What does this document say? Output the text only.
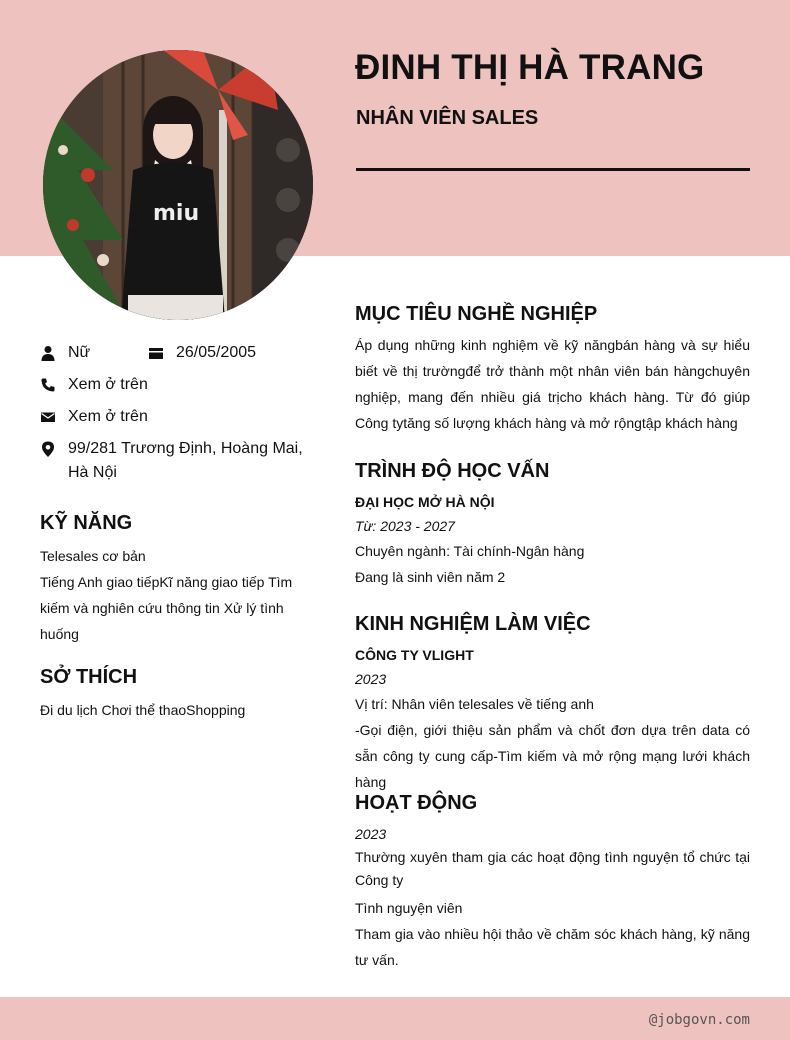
miu
ĐINH THỊ HÀ TRANG
NHÂN VIÊN SALES
Nữ	26/05/2005
Xem ở trên
Xem ở trên
99/281 Trương Định, Hoàng Mai, Hà Nội
KỸ NĂNG
Telesales cơ bản
Tiếng Anh giao tiếpKĩ năng giao tiếp Tìm kiếm và nghiên cứu thông tin Xử lý tình huống
SỞ THÍCH
Đi du lịch Chơi thể thaoShopping
MỤC TIÊU NGHỀ NGHIỆP
Áp dụng những kinh nghiệm về kỹ năngbán hàng và sự hiểu biết về thị trườngđể trở thành một nhân viên bán hàngchuyên nghiệp, mang đến nhiều giá trịcho khách hàng. Từ đó giúp Công tytăng số lượng khách hàng và mở rộngtập khách hàng
TRÌNH ĐỘ HỌC VẤN
ĐẠI HỌC MỞ HÀ NỘI
Từ: 2023 - 2027
Chuyên ngành: Tài chính-Ngân hàng
Đang là sinh viên năm 2
KINH NGHIỆM LÀM VIỆC
CÔNG TY VLIGHT
2023
Vị trí: Nhân viên telesales về tiếng anh
-Gọi điện, giới thiệu sản phẩm và chốt đơn dựa trên data có sẵn công ty cung cấp-Tìm kiếm và mở rộng mạng lưới khách hàng
HOẠT ĐỘNG
2023
Thường xuyên tham gia các hoạt động tình nguyện tổ chức tại Công ty
Tình nguyện viên
Tham gia vào nhiều hội thảo về chăm sóc khách hàng, kỹ năng tư vấn.
@jobgovn.com
